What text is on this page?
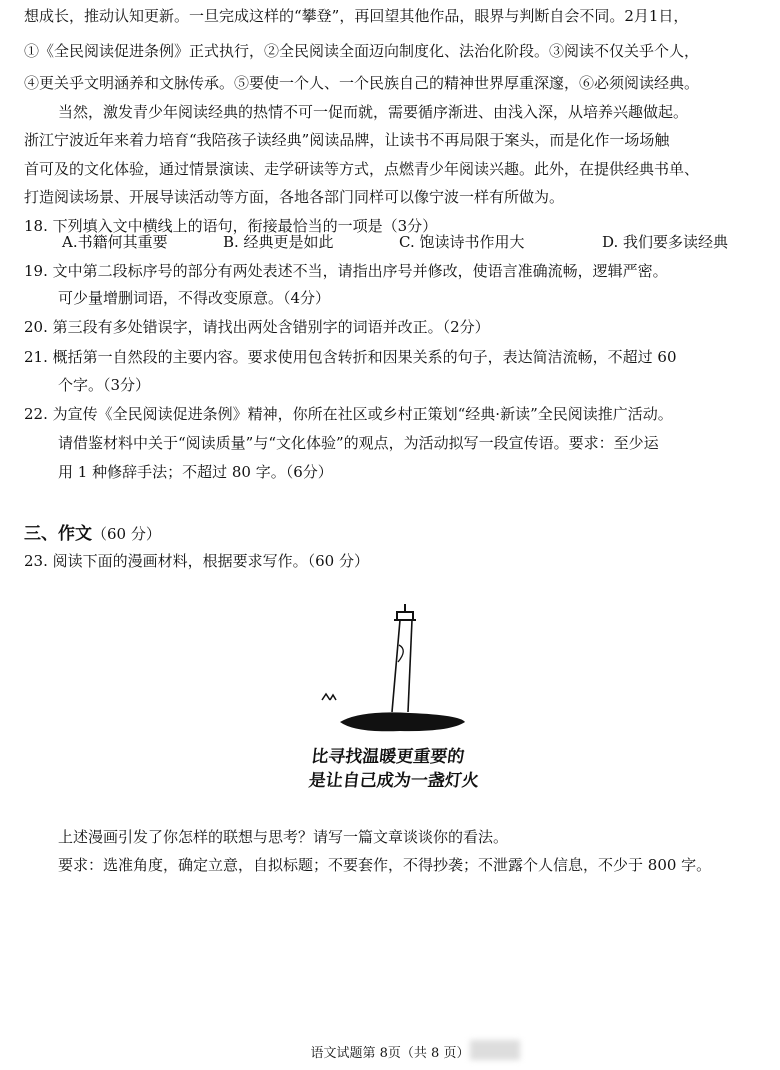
想成长，推动认知更新。一旦完成这样的“攀登”，再回望其他作品，眼界与判断自会不同。2月1日，
①《全民阅读促进条例》正式执行，②全民阅读全面迈向制度化、法治化阶段。③阅读不仅关乎个人，
④更关乎文明涵养和文脉传承。⑤要使一个人、一个民族自己的精神世界厚重深邃，⑥必须阅读经典。
当然，激发青少年阅读经典的热情不可一促而就，需要循序渐进、由浅入深，从培养兴趣做起。
浙江宁波近年来着力培育“我陪孩子读经典”阅读品牌，让读书不再局限于案头，而是化作一场场触
首可及的文化体验，通过情景演读、走学研读等方式，点燃青少年阅读兴趣。此外，在提供经典书单、
打造阅读场景、开展导读活动等方面，各地各部门同样可以像宁波一样有所做为。
18. 下列填入文中横线上的语句，衔接最恰当的一项是（3分）
A.书籍何其重要	B. 经典更是如此	C. 饱读诗书作用大	D. 我们要多读经典
19. 文中第二段标序号的部分有两处表述不当，请指出序号并修改，使语言准确流畅，逻辑严密。
可少量增删词语，不得改变原意。（4分）
20. 第三段有多处错误字，请找出两处含错别字的词语并改正。（2分）
21. 概括第一自然段的主要内容。要求使用包含转折和因果关系的句子，表达简洁流畅，不超过 60
个字。（3分）
22. 为宣传《全民阅读促进条例》精神，你所在社区或乡村正策划“经典·新读”全民阅读推广活动。
请借鉴材料中关于“阅读质量”与“文化体验”的观点，为活动拟写一段宣传语。要求：至少运
用 1 种修辞手法；不超过 80 字。（6分）
三、作文（60 分）
23. 阅读下面的漫画材料，根据要求写作。（60 分）
比寻找温暖更重要的
是让自己成为一盏灯火
上述漫画引发了你怎样的联想与思考？请写一篇文章谈谈你的看法。
要求：选准角度，确定立意，自拟标题；不要套作，不得抄袭；不泄露个人信息，不少于 800 字。
语文试题第 8页（共 8 页）
